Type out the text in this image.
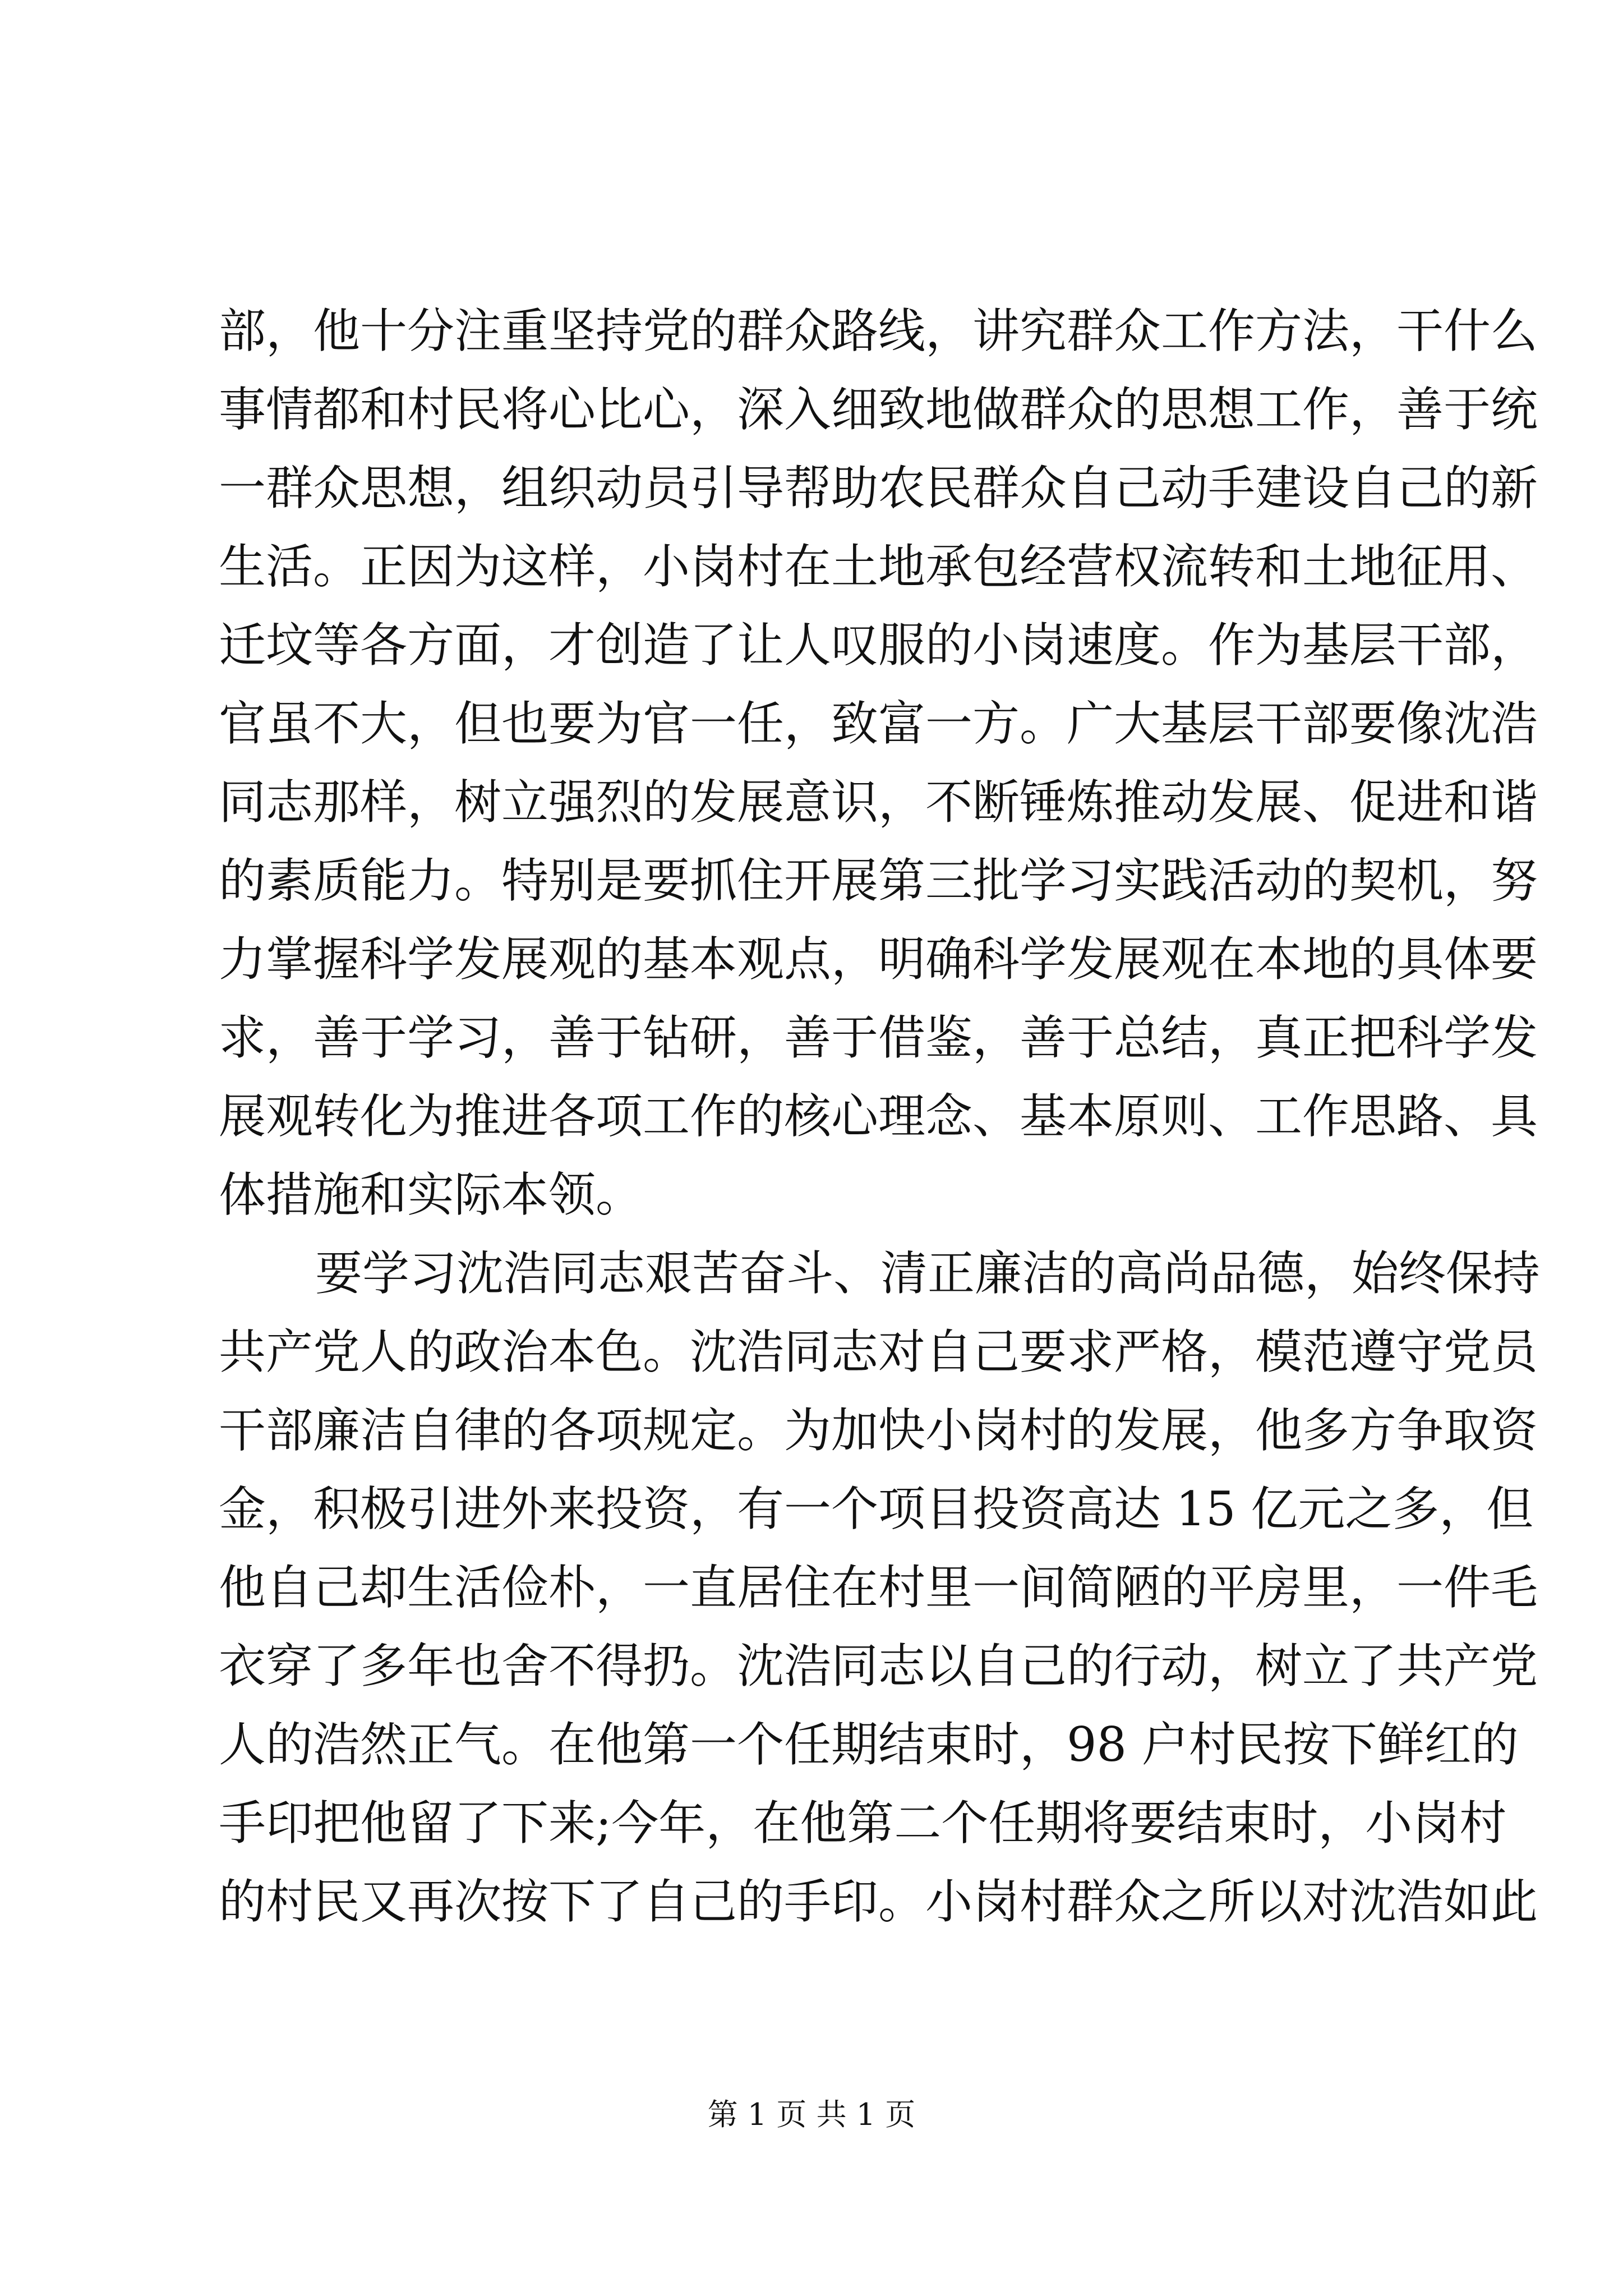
部，他十分注重坚持党的群众路线，讲究群众工作方法，干什么
事情都和村民将心比心，深入细致地做群众的思想工作，善于统
一群众思想，组织动员引导帮助农民群众自己动手建设自己的新
生活。正因为这样，小岗村在土地承包经营权流转和土地征用、
迁坟等各方面，才创造了让人叹服的小岗速度。作为基层干部，
官虽不大，但也要为官一任，致富一方。广大基层干部要像沈浩
同志那样，树立强烈的发展意识，不断锤炼推动发展、促进和谐
的素质能力。特别是要抓住开展第三批学习实践活动的契机，努
力掌握科学发展观的基本观点，明确科学发展观在本地的具体要
求，善于学习，善于钻研，善于借鉴，善于总结，真正把科学发
展观转化为推进各项工作的核心理念、基本原则、工作思路、具
体措施和实际本领。
要学习沈浩同志艰苦奋斗、清正廉洁的高尚品德，始终保持
共产党人的政治本色。沈浩同志对自己要求严格，模范遵守党员
干部廉洁自律的各项规定。为加快小岗村的发展，他多方争取资
金，积极引进外来投资，有一个项目投资高达 15 亿元之多，但
他自己却生活俭朴，一直居住在村里一间简陋的平房里，一件毛
衣穿了多年也舍不得扔。沈浩同志以自己的行动，树立了共产党
人的浩然正气。在他第一个任期结束时，98 户村民按下鲜红的
手印把他留了下来;今年，在他第二个任期将要结束时，小岗村
的村民又再次按下了自己的手印。小岗村群众之所以对沈浩如此
第 1 页 共 1 页
